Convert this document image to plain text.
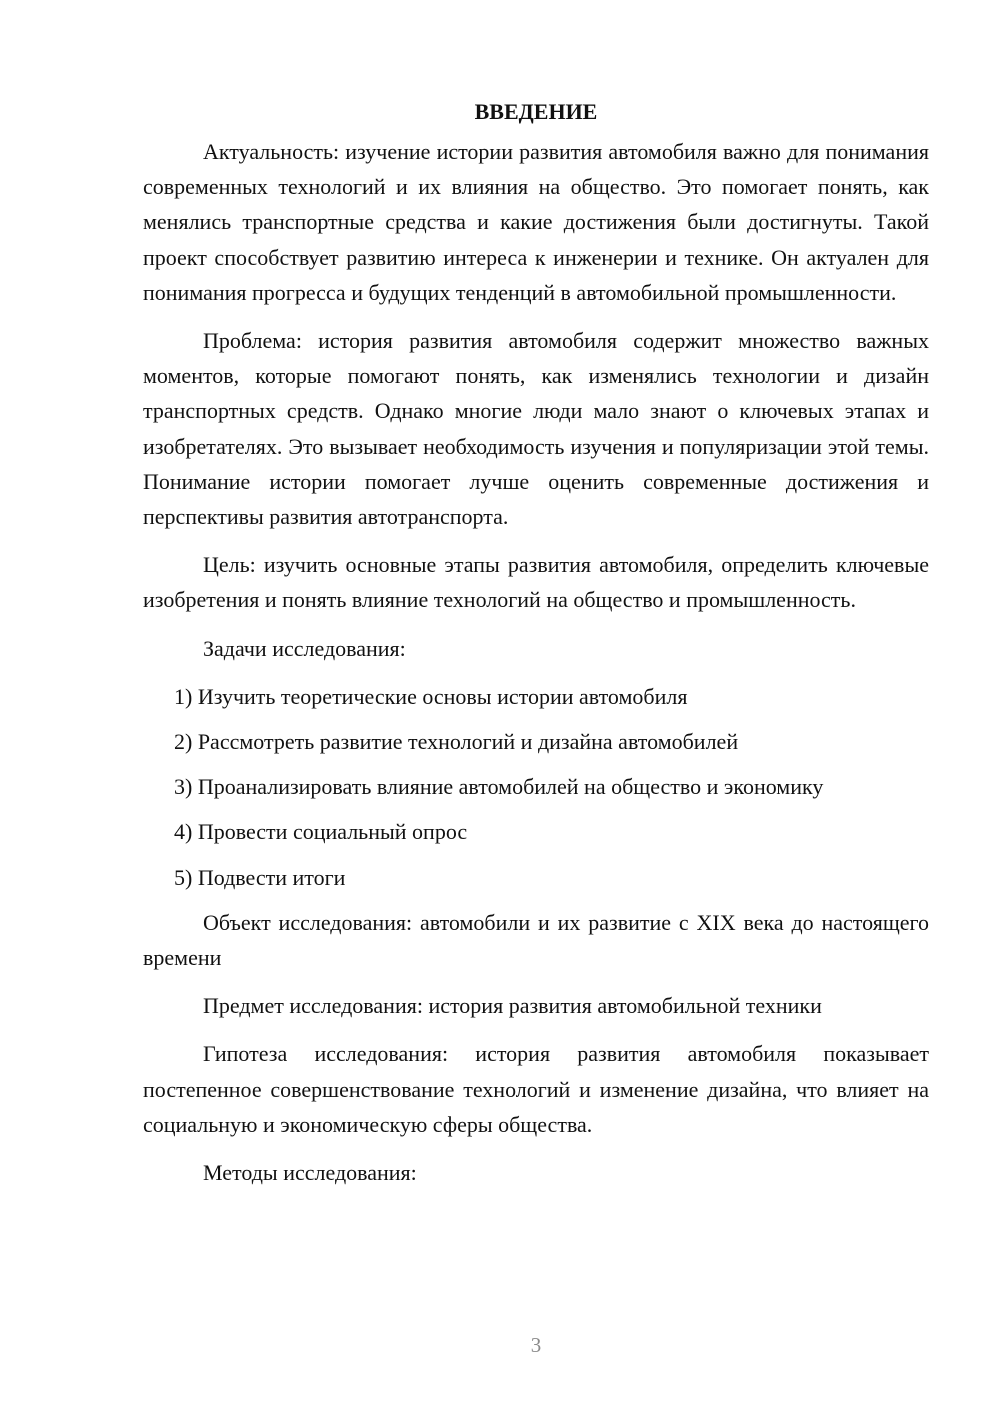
ВВЕДЕНИЕ

Актуальность: изучение истории развития автомобиля важно для понимания современных технологий и их влияния на общество. Это помогает понять, как менялись транспортные средства и какие достижения были достигнуты. Такой проект способствует развитию интереса к инженерии и технике. Он актуален для понимания прогресса и будущих тенденций в автомобильной промышленности.

Проблема: история развития автомобиля содержит множество важных моментов, которые помогают понять, как изменялись технологии и дизайн транспортных средств. Однако многие люди мало знают о ключевых этапах и изобретателях. Это вызывает необходимость изучения и популяризации этой темы. Понимание истории помогает лучше оценить современные достижения и перспективы развития автотранспорта.

Цель: изучить основные этапы развития автомобиля, определить ключевые изобретения и понять влияние технологий на общество и промышленность.

Задачи исследования:

1) Изучить теоретические основы истории автомобиля
2) Рассмотреть развитие технологий и дизайна автомобилей
3) Проанализировать влияние автомобилей на общество и экономику
4) Провести социальный опрос
5) Подвести итоги

Объект исследования: автомобили и их развитие с XIX века до настоящего времени

Предмет исследования: история развития автомобильной техники

Гипотеза исследования: история развития автомобиля показывает постепенное совершенствование технологий и изменение дизайна, что влияет на социальную и экономическую сферы общества.

Методы исследования:

3
